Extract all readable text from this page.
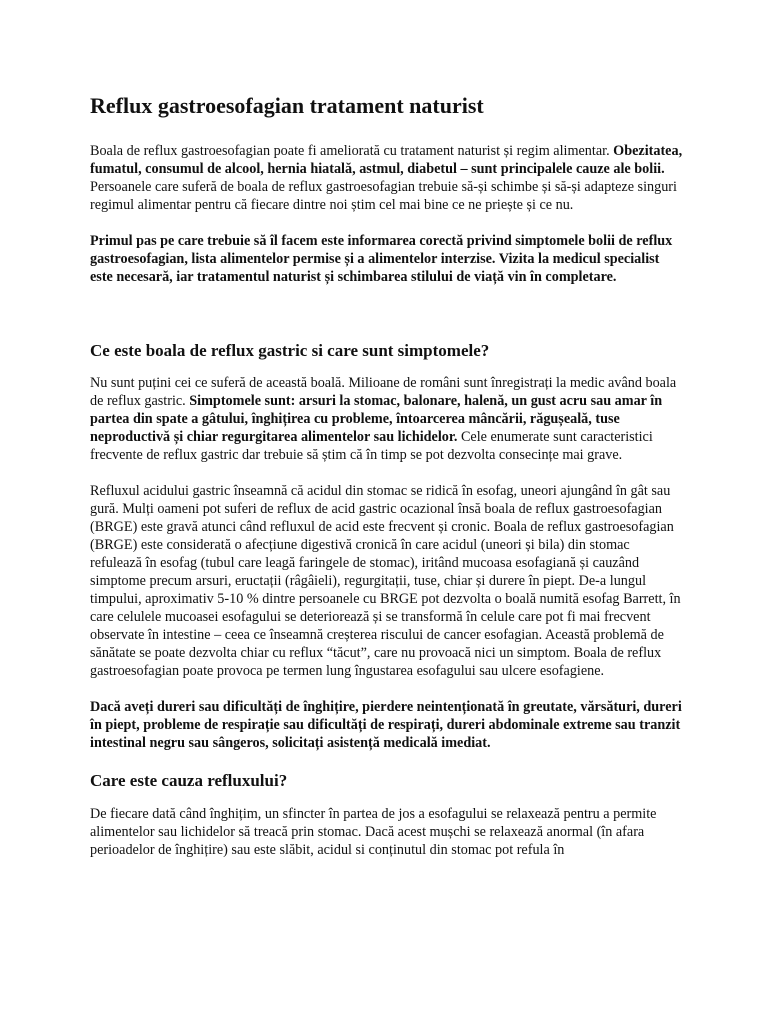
Reflux gastroesofagian tratament naturist

Boala de reflux gastroesofagian poate fi ameliorată cu tratament naturist și regim alimentar. Obezitatea, fumatul, consumul de alcool, hernia hiatală, astmul, diabetul – sunt principalele cauze ale bolii. Persoanele care suferă de boala de reflux gastroesofagian trebuie să-și schimbe și să-și adapteze singuri regimul alimentar pentru că fiecare dintre noi știm cel mai bine ce ne priește și ce nu.

Primul pas pe care trebuie să îl facem este informarea corectă privind simptomele bolii de reflux gastroesofagian, lista alimentelor permise și a alimentelor interzise. Vizita la medicul specialist este necesară, iar tratamentul naturist și schimbarea stilului de viață vin în completare.

Ce este boala de reflux gastric si care sunt simptomele?

Nu sunt puțini cei ce suferă de această boală. Milioane de români sunt înregistrați la medic având boala de reflux gastric. Simptomele sunt: arsuri la stomac, balonare, halenă, un gust acru sau amar în partea din spate a gâtului, înghițirea cu probleme, întoarcerea mâncării, răgușeală, tuse neproductivă și chiar regurgitarea alimentelor sau lichidelor. Cele enumerate sunt caracteristici frecvente de reflux gastric dar trebuie să știm că în timp se pot dezvolta consecințe mai grave.

Refluxul acidului gastric înseamnă că acidul din stomac se ridică în esofag, uneori ajungând în gât sau gură. Mulți oameni pot suferi de reflux de acid gastric ocazional însă boala de reflux gastroesofagian (BRGE) este gravă atunci când refluxul de acid este frecvent și cronic. Boala de reflux gastroesofagian (BRGE) este considerată o afecțiune digestivă cronică în care acidul (uneori și bila) din stomac refulează în esofag (tubul care leagă faringele de stomac), iritând mucoasa esofagiană și cauzând simptome precum arsuri, eructații (râgâieli), regurgitații, tuse, chiar și durere în piept. De-a lungul timpului, aproximativ 5-10 % dintre persoanele cu BRGE pot dezvolta o boală numită esofag Barrett, în care celulele mucoasei esofagului se deteriorează și se transformă în celule care pot fi mai frecvent observate în intestine – ceea ce înseamnă creșterea riscului de cancer esofagian. Această problemă de sănătate se poate dezvolta chiar cu reflux “tăcut”, care nu provoacă nici un simptom. Boala de reflux gastroesofagian poate provoca pe termen lung îngustarea esofagului sau ulcere esofagiene.

Dacă aveți dureri sau dificultăți de înghițire, pierdere neintenționată în greutate, vărsături, dureri în piept, probleme de respirație sau dificultăți de respirați, dureri abdominale extreme sau tranzit intestinal negru sau sângeros, solicitați asistență medicală imediat.

Care este cauza refluxului?

De fiecare dată când înghițim, un sfincter în partea de jos a esofagului se relaxează pentru a permite alimentelor sau lichidelor să treacă prin stomac. Dacă acest mușchi se relaxează anormal (în afara perioadelor de înghițire) sau este slăbit, acidul si conținutul din stomac pot refula în
